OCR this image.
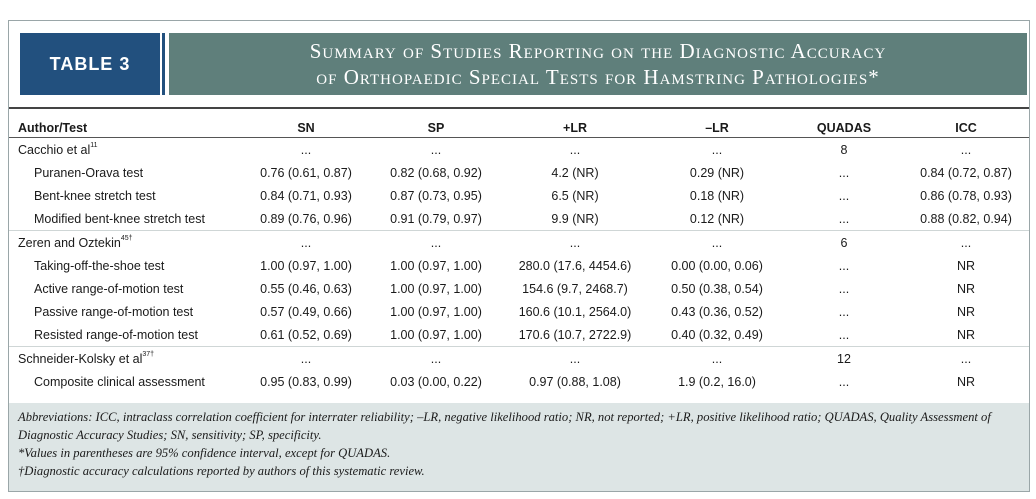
TABLE 3
Summary of Studies Reporting on the Diagnostic Accuracy
of Orthopaedic Special Tests for Hamstring Pathologies*
Author/Test	SN	SP	+LR	–LR	QUADAS	ICC
Cacchio et $al^{11}$	...	...	...	...	8	...
Puranen-Orava test	0.76 (0.61, 0.87)	0.82 (0.68, 0.92)	4.2 (NR)	0.29 (NR)	...	0.84 (0.72, 0.87)
Bent-knee stretch test	0.84 (0.71, 0.93)	0.87 (0.73, 0.95)	6.5 (NR)	0.18 (NR)	...	0.86 (0.78, 0.93)
Modified bent-knee stretch test	0.89 (0.76, 0.96)	0.91 (0.79, 0.97)	9.9 (NR)	0.12 (NR)	...	0.88 (0.82, 0.94)
Zeren and Oztekin$^{45\dagger}$	...	...	...	...	6	...
Taking-off-the-shoe test	1.00 (0.97, 1.00)	1.00 (0.97, 1.00)	280.0 (17.6, 4454.6)	0.00 (0.00, 0.06)	...	NR
Active range-of-motion test	0.55 (0.46, 0.63)	1.00 (0.97, 1.00)	154.6 (9.7, 2468.7)	0.50 (0.38, 0.54)	...	NR
Passive range-of-motion test	0.57 (0.49, 0.66)	1.00 (0.97, 1.00)	160.6 (10.1, 2564.0)	0.43 (0.36, 0.52)	...	NR
Resisted range-of-motion test	0.61 (0.52, 0.69)	1.00 (0.97, 1.00)	170.6 (10.7, 2722.9)	0.40 (0.32, 0.49)	...	NR
Schneider-Kolsky et $al^{37\dagger}$	...	...	...	...	12	...
Composite clinical assessment	0.95 (0.83, 0.99)	0.03 (0.00, 0.22)	0.97 (0.88, 1.08)	1.9 (0.2, 16.0)	...	NR

Abbreviations: ICC, intraclass correlation coefficient for interrater reliability; –LR, negative likelihood ratio; NR, not reported; +LR, positive likelihood ratio; QUADAS, Quality Assessment of Diagnostic Accuracy Studies; SN, sensitivity; SP, specificity.

*Values in parentheses are 95% confidence interval, except for QUADAS.

†Diagnostic accuracy calculations reported by authors of this systematic review.
